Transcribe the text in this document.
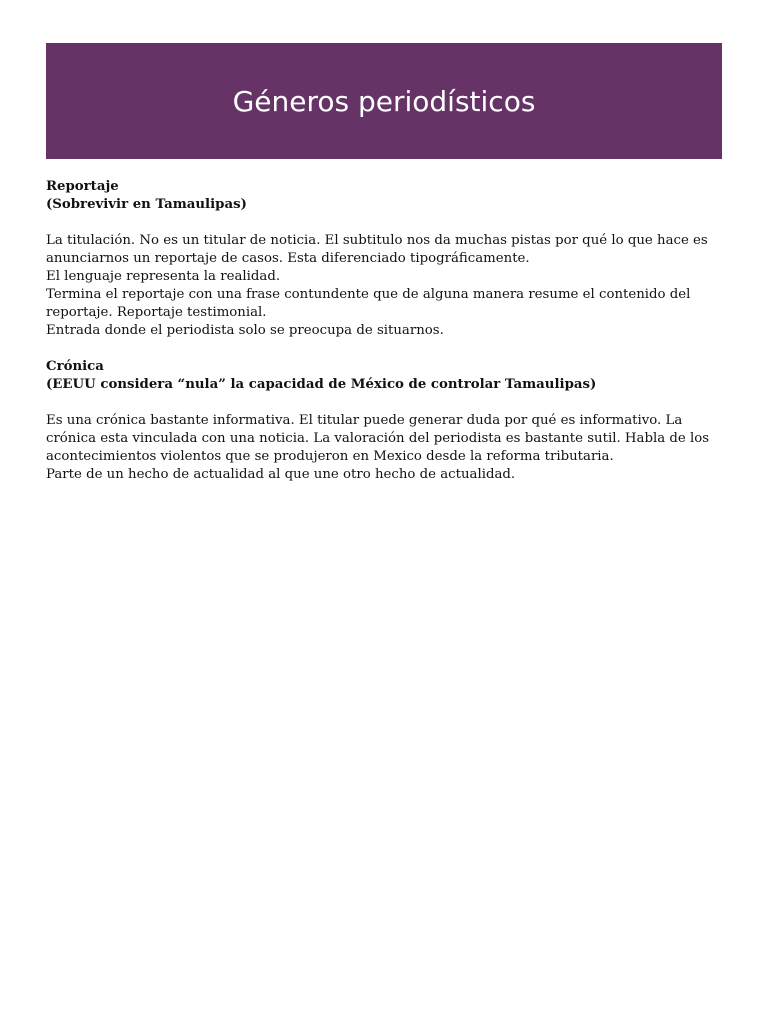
Géneros periodísticos

Reportaje

(Sobrevivir en Tamaulipas)

La titulación. No es un titular de noticia. El subtitulo nos da muchas pistas por qué lo que hace es anunciarnos un reportaje de casos. Esta diferenciado tipográficamente.

El lenguaje representa la realidad.

Termina el reportaje con una frase contundente que de alguna manera resume el contenido del reportaje. Reportaje testimonial.

Entrada donde el periodista solo se preocupa de situarnos.

Crónica

(EEUU considera “nula” la capacidad de México de controlar Tamaulipas)

Es una crónica bastante informativa. El titular puede generar duda por qué es informativo. La crónica esta vinculada con una noticia. La valoración del periodista es bastante sutil. Habla de los acontecimientos violentos que se produjeron en Mexico desde la reforma tributaria.

Parte de un hecho de actualidad al que une otro hecho de actualidad.
